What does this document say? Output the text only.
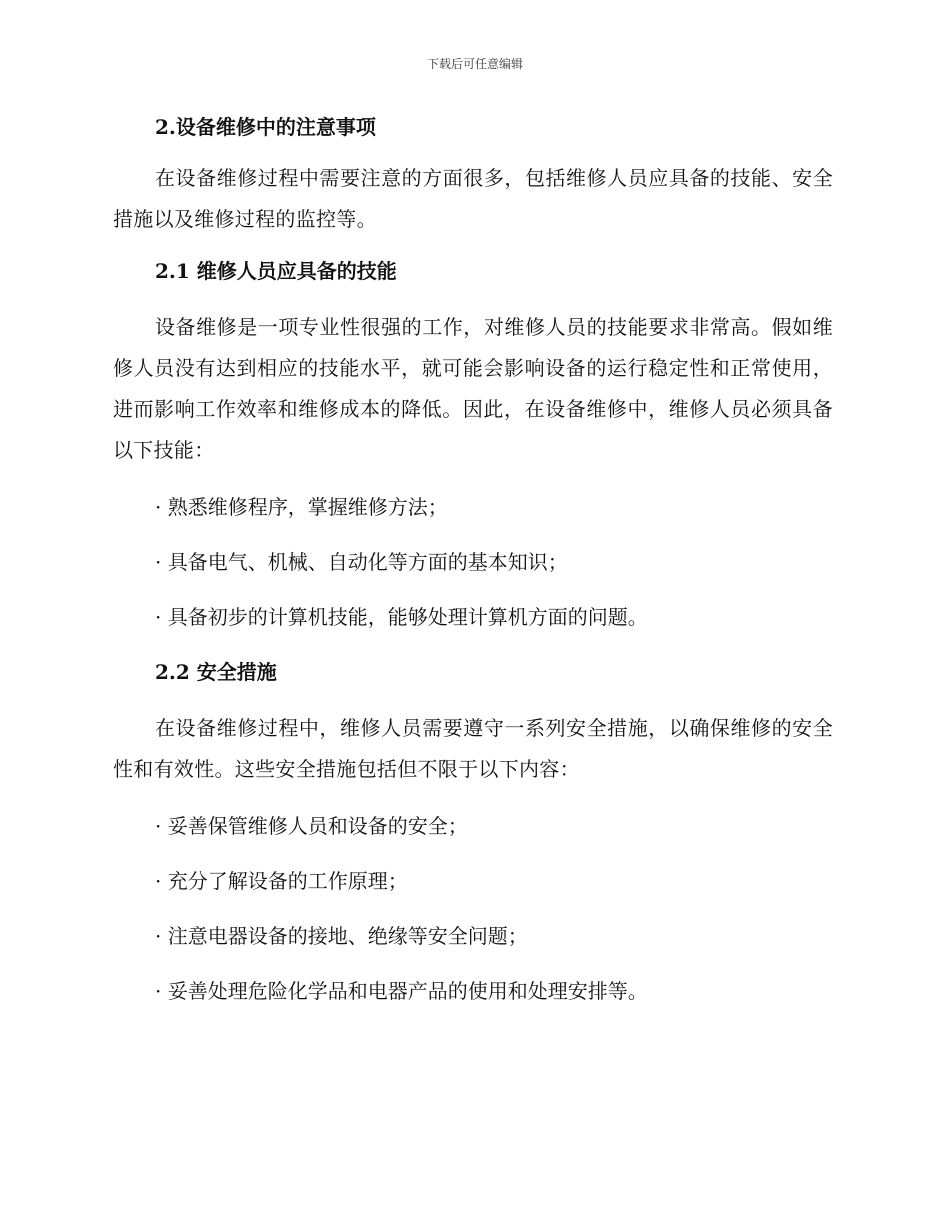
下载后可任意编辑
2.设备维修中的注意事项

在设备维修过程中需要注意的方面很多，包括维修人员应具备的技能、安全措施以及维修过程的监控等。

2.1 维修人员应具备的技能

设备维修是一项专业性很强的工作，对维修人员的技能要求非常高。假如维修人员没有达到相应的技能水平，就可能会影响设备的运行稳定性和正常使用，进而影响工作效率和维修成本的降低。因此，在设备维修中，维修人员必须具备以下技能：

· 熟悉维修程序，掌握维修方法；

· 具备电气、机械、自动化等方面的基本知识；

· 具备初步的计算机技能，能够处理计算机方面的问题。

2.2 安全措施

在设备维修过程中，维修人员需要遵守一系列安全措施，以确保维修的安全性和有效性。这些安全措施包括但不限于以下内容：

· 妥善保管维修人员和设备的安全；

· 充分了解设备的工作原理；

· 注意电器设备的接地、绝缘等安全问题；

· 妥善处理危险化学品和电器产品的使用和处理安排等。
